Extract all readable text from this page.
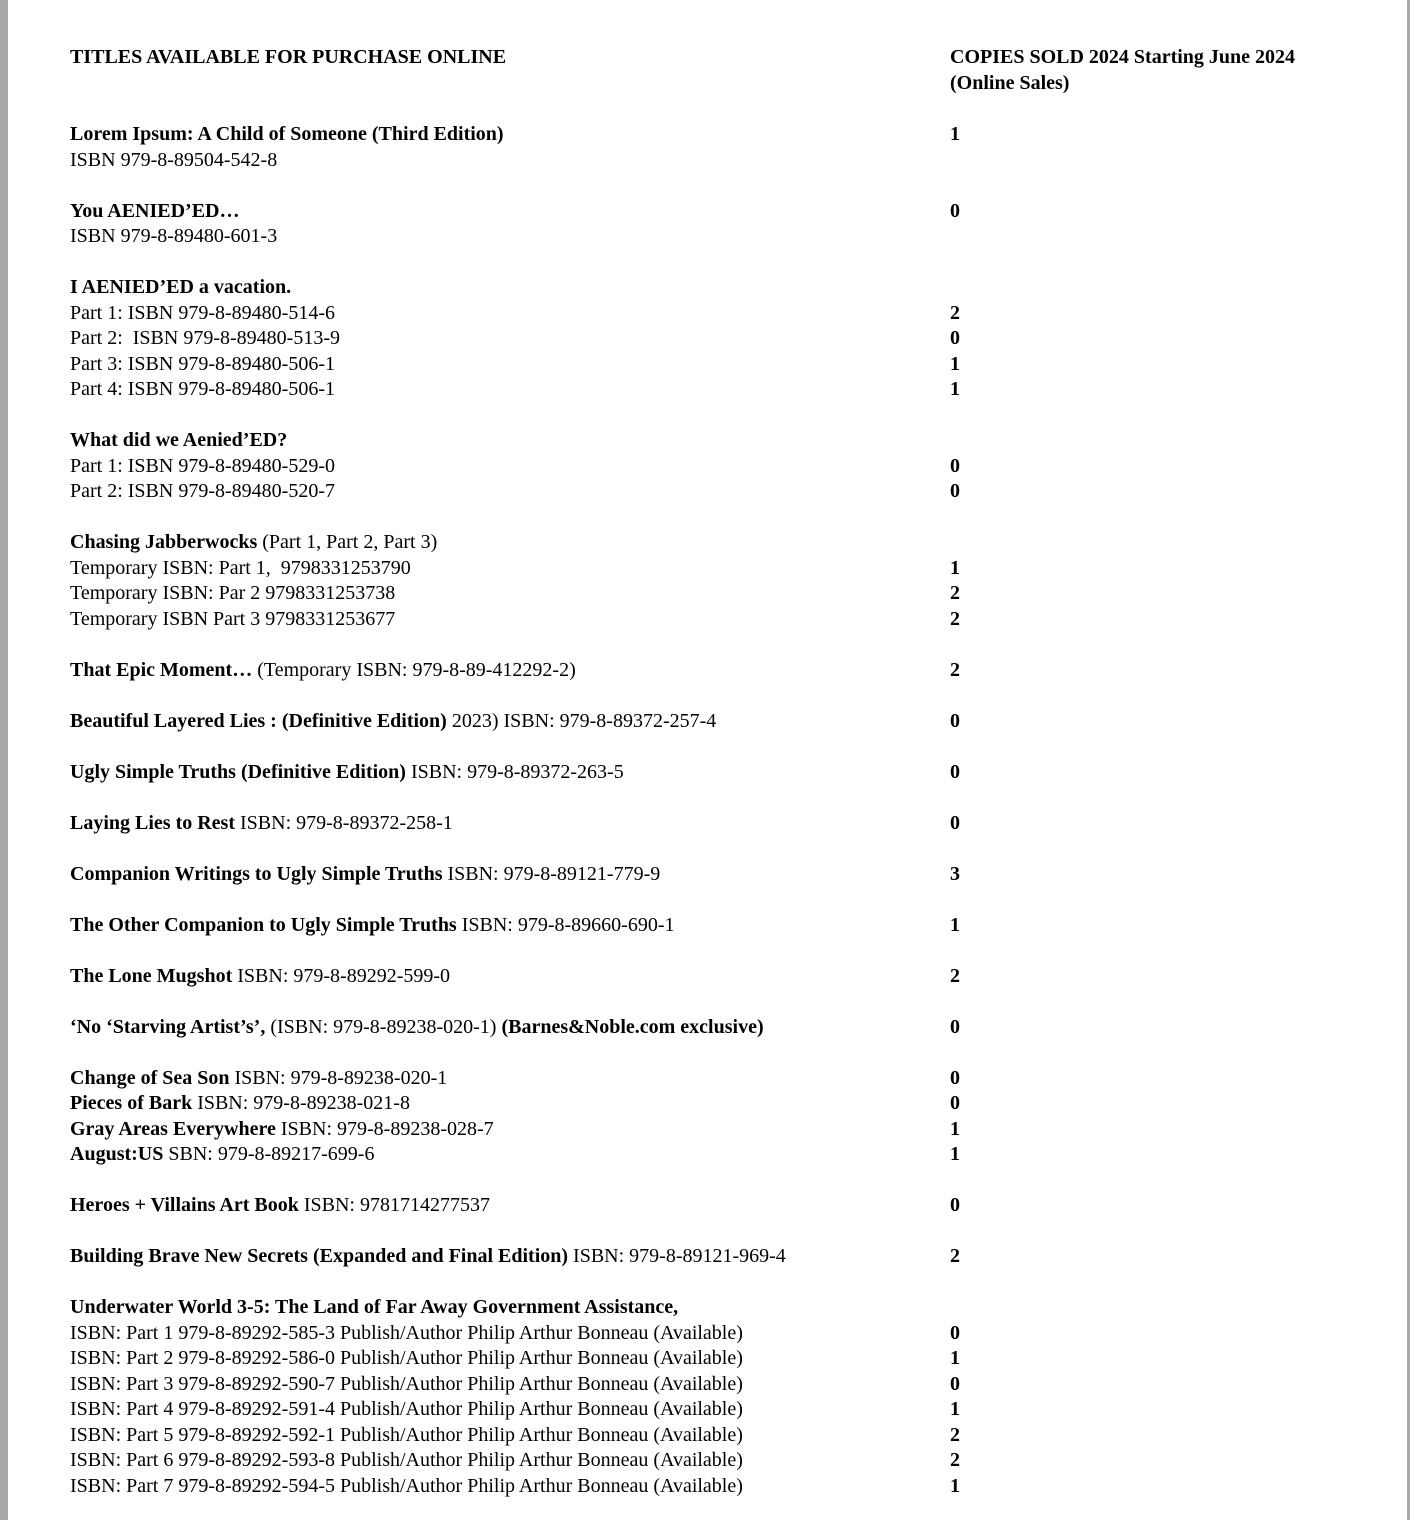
TITLES AVAILABLE FOR PURCHASE ONLINE	COPIES SOLD 2024 Starting June 2024
(Online Sales)
Lorem Ipsum: A Child of Someone (Third Edition)	1
ISBN 979-8-89504-542-8
You AENIED’ED…	0
ISBN 979-8-89480-601-3
I AENIED’ED a vacation.
Part 1: ISBN 979-8-89480-514-6	2
Part 2:  ISBN 979-8-89480-513-9	0
Part 3: ISBN 979-8-89480-506-1	1
Part 4: ISBN 979-8-89480-506-1	1
What did we Aenied’ED?
Part 1: ISBN 979-8-89480-529-0	0
Part 2: ISBN 979-8-89480-520-7	0
Chasing Jabberwocks (Part 1, Part 2, Part 3)
Temporary ISBN: Part 1,  9798331253790	1
Temporary ISBN: Par 2 9798331253738	2
Temporary ISBN Part 3 9798331253677	2
That Epic Moment… (Temporary ISBN: 979-8-89-412292-2)	2
Beautiful Layered Lies : (Definitive Edition) 2023) ISBN: 979-8-89372-257-4	0
Ugly Simple Truths (Definitive Edition) ISBN: 979-8-89372-263-5	0
Laying Lies to Rest ISBN: 979-8-89372-258-1	0
Companion Writings to Ugly Simple Truths ISBN: 979-8-89121-779-9	3
The Other Companion to Ugly Simple Truths ISBN: 979-8-89660-690-1	1
The Lone Mugshot ISBN: 979-8-89292-599-0	2
‘No ‘Starving Artist’s’, (ISBN: 979-8-89238-020-1) (Barnes&Noble.com exclusive)	0
Change of Sea Son ISBN: 979-8-89238-020-1	0
Pieces of Bark ISBN: 979-8-89238-021-8	0
Gray Areas Everywhere ISBN: 979-8-89238-028-7	1
August:US SBN: 979-8-89217-699-6	1
Heroes + Villains Art Book ISBN: 9781714277537	0
Building Brave New Secrets (Expanded and Final Edition) ISBN: 979-8-89121-969-4	2
Underwater World 3-5: The Land of Far Away Government Assistance,
ISBN: Part 1 979-8-89292-585-3 Publish/Author Philip Arthur Bonneau (Available)	0
ISBN: Part 2 979-8-89292-586-0 Publish/Author Philip Arthur Bonneau (Available)	1
ISBN: Part 3 979-8-89292-590-7 Publish/Author Philip Arthur Bonneau (Available)	0
ISBN: Part 4 979-8-89292-591-4 Publish/Author Philip Arthur Bonneau (Available)	1
ISBN: Part 5 979-8-89292-592-1 Publish/Author Philip Arthur Bonneau (Available)	2
ISBN: Part 6 979-8-89292-593-8 Publish/Author Philip Arthur Bonneau (Available)	2
ISBN: Part 7 979-8-89292-594-5 Publish/Author Philip Arthur Bonneau (Available)	1
